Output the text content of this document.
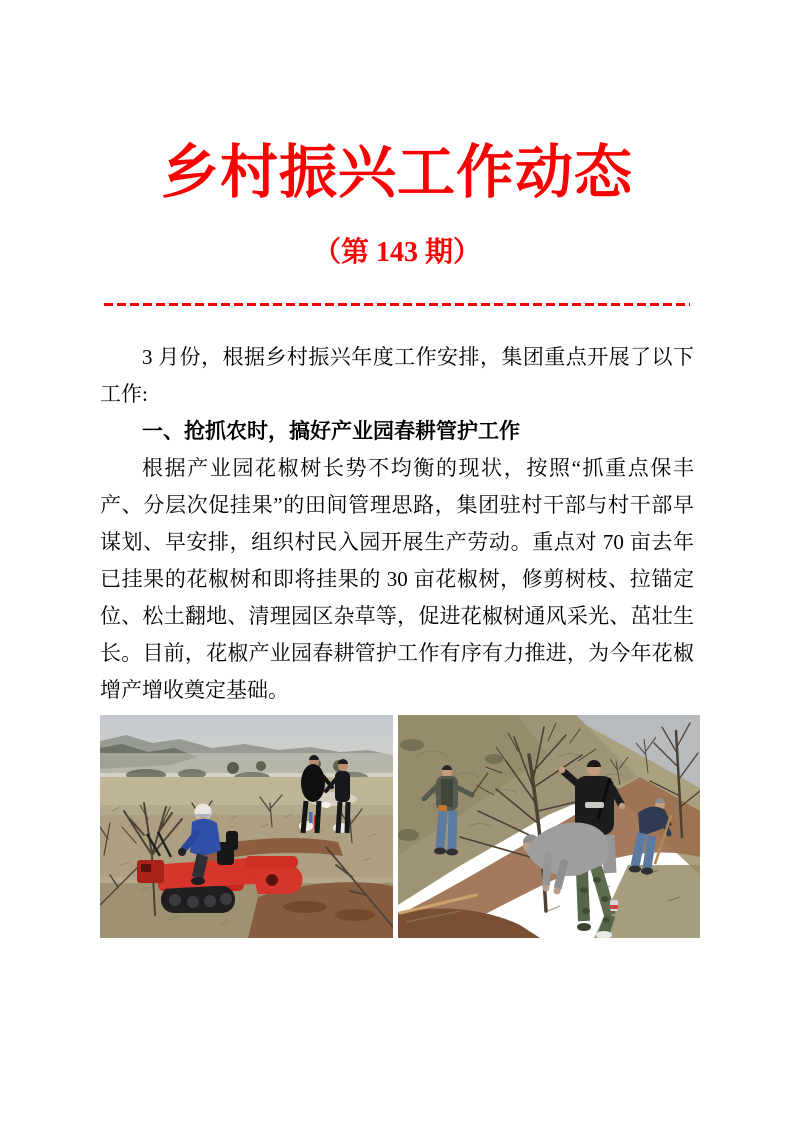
乡村振兴工作动态
（第 143 期）

3 月份，根据乡村振兴年度工作安排，集团重点开展了以下工作:

一、抢抓农时，搞好产业园春耕管护工作

根据产业园花椒树长势不均衡的现状，按照“抓重点保丰产、分层次促挂果”的田间管理思路，集团驻村干部与村干部早谋划、早安排，组织村民入园开展生产劳动。重点对 70 亩去年已挂果的花椒树和即将挂果的 30 亩花椒树，修剪树枝、拉锚定位、松土翻地、清理园区杂草等，促进花椒树通风采光、茁壮生长。目前，花椒产业园春耕管护工作有序有力推进，为今年花椒增产增收奠定基础。
